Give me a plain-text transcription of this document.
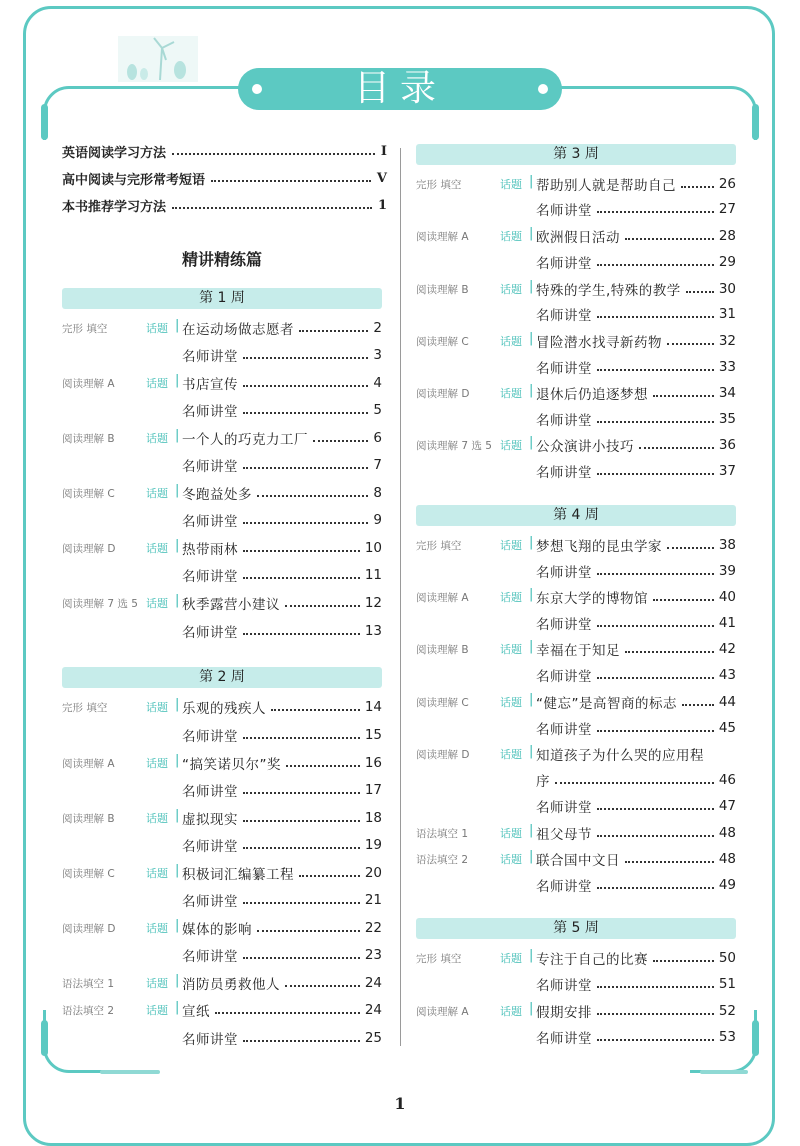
目录
英语阅读学习方法	I
高中阅读与完形常考短语	V
本书推荐学习方法	1
精讲精练篇
第 1 周
完形 填空	话题 | 在运动场做志愿者	2
名师讲堂	3
阅读理解 A	话题 | 书店宣传	4
名师讲堂	5
阅读理解 B	话题 | 一个人的巧克力工厂	6
名师讲堂	7
阅读理解 C	话题 | 冬跑益处多	8
名师讲堂	9
阅读理解 D	话题 | 热带雨林	10
名师讲堂	11
阅读理解 7 选 5 话题 | 秋季露营小建议	12
名师讲堂	13
第 2 周
完形 填空	话题 | 乐观的残疾人	14
名师讲堂	15
阅读理解 A	话题 | “搞笑诺贝尔”奖	16
名师讲堂	17
阅读理解 B	话题 | 虚拟现实	18
名师讲堂	19
阅读理解 C	话题 | 积极词汇编纂工程	20
名师讲堂	21
阅读理解 D	话题 | 媒体的影响	22
名师讲堂	23
语法填空 1	话题 | 消防员勇救他人	24
语法填空 2	话题 | 宣纸	24
名师讲堂	25
第 3 周
完形 填空	话题 | 帮助别人就是帮助自己	26
名师讲堂	27
阅读理解 A	话题 | 欧洲假日活动	28
名师讲堂	29
阅读理解 B	话题 | 特殊的学生,特殊的教学	30
名师讲堂	31
阅读理解 C	话题 | 冒险潜水找寻新药物	32
名师讲堂	33
阅读理解 D	话题 | 退休后仍追逐梦想	34
名师讲堂	35
阅读理解 7 选 5 话题 | 公众演讲小技巧	36
名师讲堂	37
第 4 周
完形 填空	话题 | 梦想飞翔的昆虫学家	38
名师讲堂	39
阅读理解 A	话题 | 东京大学的博物馆	40
名师讲堂	41
阅读理解 B	话题 | 幸福在于知足	42
名师讲堂	43
阅读理解 C	话题 | “健忘”是高智商的标志	44
名师讲堂	45
阅读理解 D	话题 | 知道孩子为什么哭的应用程
序	46
名师讲堂	47
语法填空 1	话题 | 祖父母节	48
语法填空 2	话题 | 联合国中文日	48
名师讲堂	49
第 5 周
完形 填空	话题 | 专注于自己的比赛	50
名师讲堂	51
阅读理解 A	话题 | 假期安排	52
名师讲堂	53
1
